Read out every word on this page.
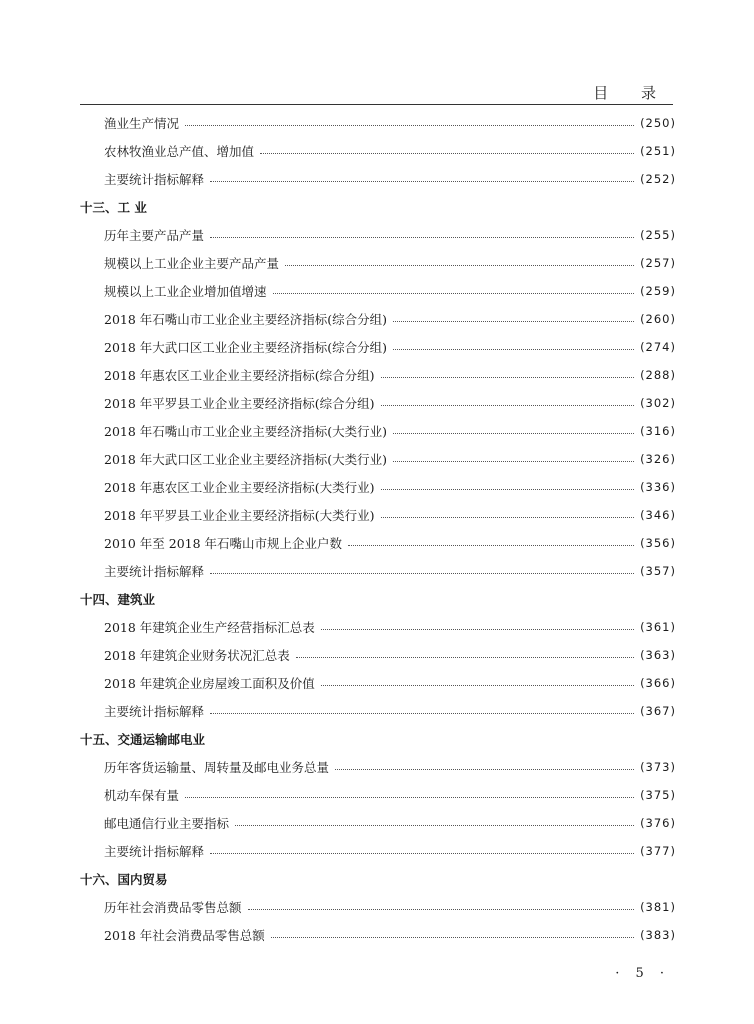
目 录
渔业生产情况	(250)
农林牧渔业总产值、增加值	(251)
主要统计指标解释	(252)
十三、工 业
历年主要产品产量	(255)
规模以上工业企业主要产品产量	(257)
规模以上工业企业增加值增速	(259)
2018 年石嘴山市工业企业主要经济指标(综合分组)	(260)
2018 年大武口区工业企业主要经济指标(综合分组)	(274)
2018 年惠农区工业企业主要经济指标(综合分组)	(288)
2018 年平罗县工业企业主要经济指标(综合分组)	(302)
2018 年石嘴山市工业企业主要经济指标(大类行业)	(316)
2018 年大武口区工业企业主要经济指标(大类行业)	(326)
2018 年惠农区工业企业主要经济指标(大类行业)	(336)
2018 年平罗县工业企业主要经济指标(大类行业)	(346)
2010 年至 2018 年石嘴山市规上企业户数	(356)
主要统计指标解释	(357)
十四、建筑业
2018 年建筑企业生产经营指标汇总表	(361)
2018 年建筑企业财务状况汇总表	(363)
2018 年建筑企业房屋竣工面积及价值	(366)
主要统计指标解释	(367)
十五、交通运输邮电业
历年客货运输量、周转量及邮电业务总量	(373)
机动车保有量	(375)
邮电通信行业主要指标	(376)
主要统计指标解释	(377)
十六、国内贸易
历年社会消费品零售总额	(381)
2018 年社会消费品零售总额	(383)
· 5 ·
